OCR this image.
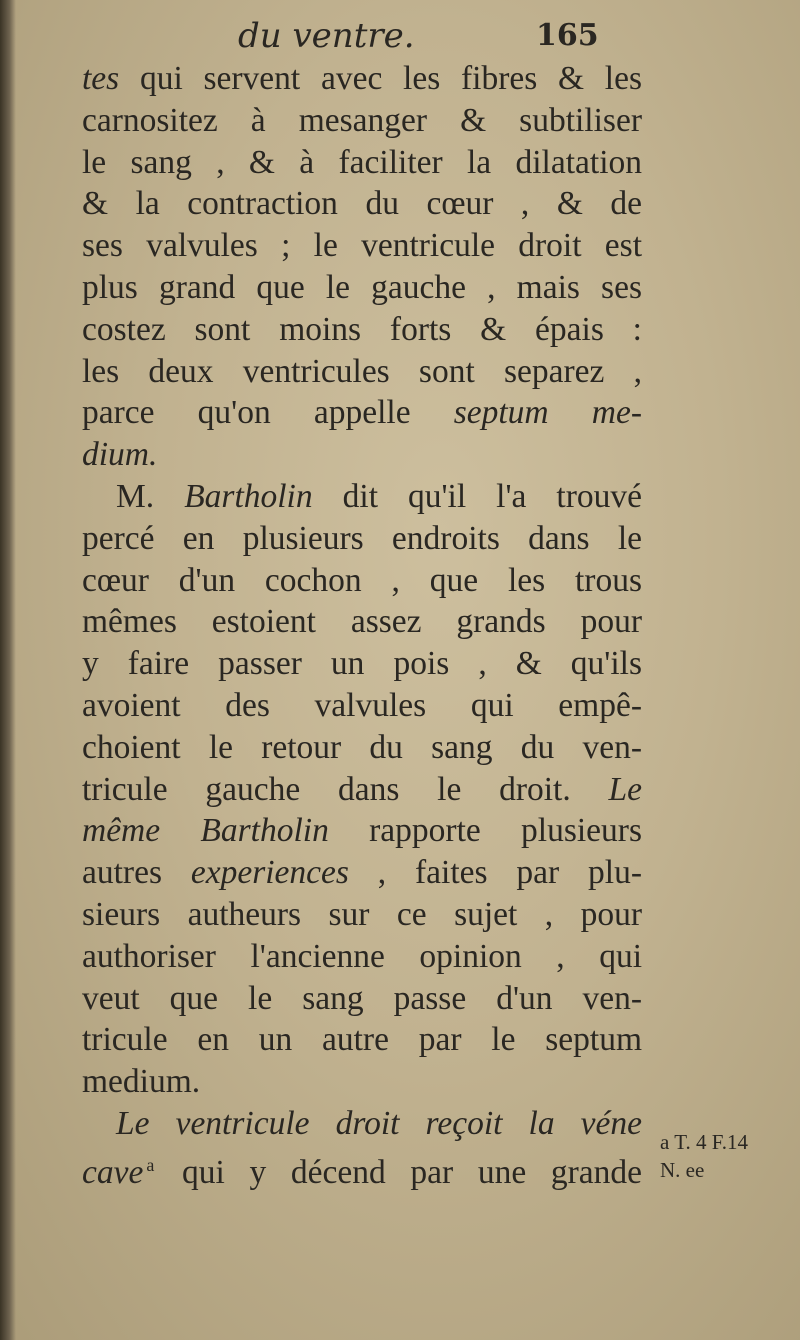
du ventre.	165
tes qui servent avec les fibres & les
carnositez à mesanger & subtiliser
le sang , & à faciliter la dilatation
& la contraction du cœur , & de
ses valvules ; le ventricule droit est
plus grand que le gauche , mais ses
costez sont moins forts & épais :
les deux ventricules sont separez ,
parce qu'on appelle septum me-
dium.
M. Bartholin dit qu'il l'a trouvé
percé en plusieurs endroits dans le
cœur d'un cochon , que les trous
mêmes estoient assez grands pour
y faire passer un pois , & qu'ils
avoient des valvules qui empê-
choient le retour du sang du ven-
tricule gauche dans le droit. Le
même Bartholin rapporte plusieurs
autres experiences , faites par plu-
sieurs autheurs sur ce sujet , pour
authoriser l'ancienne opinion , qui
veut que le sang passe d'un ven-
tricule en un autre par le septum
medium.
Le ventricule droit reçoit la véne
cave $^a$ qui y décend par une grande
a T. 4 F.14
N. ee
